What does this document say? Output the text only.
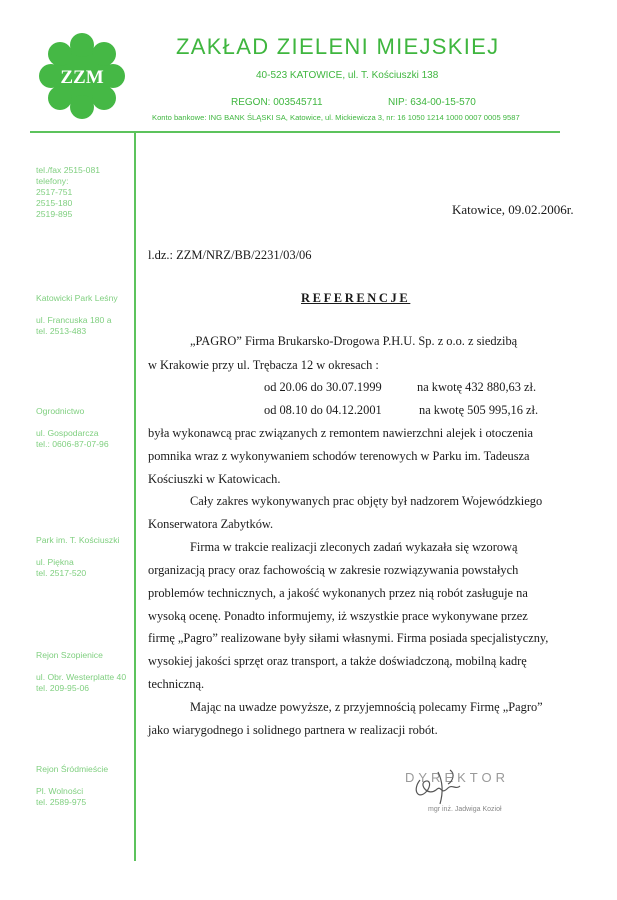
ZZM
ZAKŁAD ZIELENI MIEJSKIEJ
40-523 KATOWICE, ul. T. Kościuszki 138
REGON: 003545711	NIP: 634-00-15-570
Konto bankowe: ING BANK ŚLĄSKI SA, Katowice, ul. Mickiewicza 3, nr: 16 1050 1214 1000 0007 0005 9587
tel./fax 2515-081
telefony:
2517-751
2515-180
2519-895
Katowicki Park Leśny
ul. Francuska 180 a
tel. 2513-483
Ogrodnictwo
ul. Gospodarcza
tel.: 0606-87-07-96
Park im. T. Kościuszki
ul. Piękna
tel. 2517-520
Rejon Szopienice
ul. Obr. Westerplatte 40
tel. 209-95-06
Rejon Śródmieście
Pl. Wolności
tel. 2589-975
Katowice, 09.02.2006r.
l.dz.: ZZM/NRZ/BB/2231/03/06
REFERENCJE
„PAGRO” Firma Brukarsko-Drogowa P.H.U. Sp. z o.o. z siedzibą
w Krakowie przy ul. Trębacza 12 w okresach :
od 20.06 do 30.07.1999	na kwotę 432 880,63 zł.
od 08.10 do 04.12.2001	na kwotę 505 995,16 zł.
była wykonawcą prac związanych z remontem nawierzchni alejek i otoczenia
pomnika wraz z wykonywaniem schodów terenowych w Parku im. Tadeusza
Kościuszki w Katowicach.
Cały zakres wykonywanych prac objęty był nadzorem Wojewódzkiego
Konserwatora Zabytków.
Firma w trakcie realizacji zleconych zadań wykazała się wzorową
organizacją pracy oraz fachowością w zakresie rozwiązywania powstałych
problemów technicznych, a jakość wykonanych przez nią robót zasługuje na
wysoką ocenę. Ponadto informujemy, iż wszystkie prace wykonywane przez
firmę „Pagro” realizowane były siłami własnymi. Firma posiada specjalistyczny,
wysokiej jakości sprzęt oraz transport, a także doświadczoną, mobilną kadrę
techniczną.
Mając na uwadze powyższe, z przyjemnością polecamy Firmę „Pagro”
jako wiarygodnego i solidnego partnera w realizacji robót.
DYREKTOR
mgr inż. Jadwiga Kozioł
